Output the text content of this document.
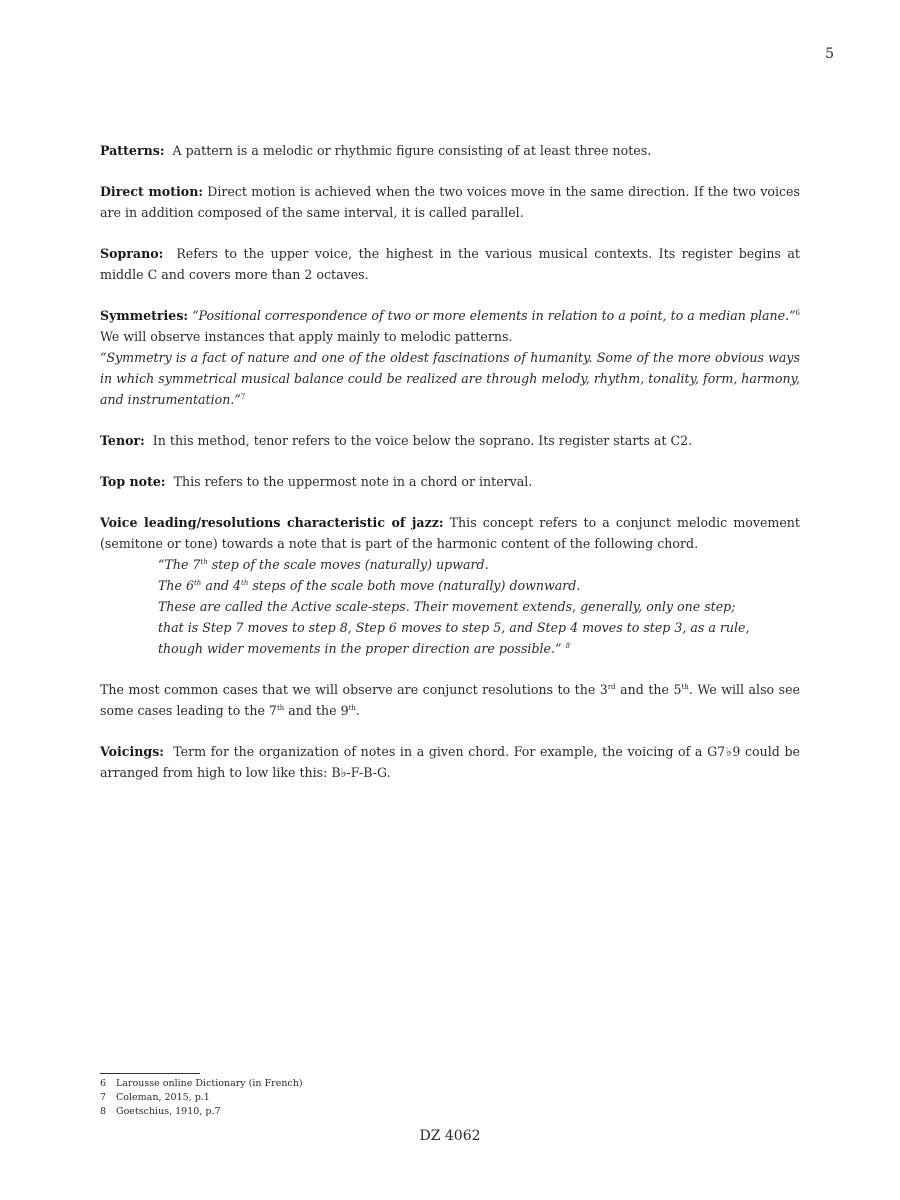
5

Patterns: A pattern is a melodic or rhythmic figure consisting of at least three notes.

Direct motion: Direct motion is achieved when the two voices move in the same direction. If the two voices are in addition composed of the same interval, it is called parallel.

Soprano: Refers to the upper voice, the highest in the various musical contexts. Its register begins at middle C and covers more than 2 octaves.

Symmetries: “Positional correspondence of two or more elements in relation to a point, to a median plane.”$^6$ We will observe instances that apply mainly to melodic patterns.
“Symmetry is a fact of nature and one of the oldest fascinations of humanity. Some of the more obvious ways in which symmetrical musical balance could be realized are through melody, rhythm, tonality, form, harmony, and instrumentation.”$^7$

Tenor: In this method, tenor refers to the voice below the soprano. Its register starts at C2.

Top note: This refers to the uppermost note in a chord or interval.

Voice leading/resolutions characteristic of jazz: This concept refers to a conjunct melodic movement (semitone or tone) towards a note that is part of the harmonic content of the following chord.
“The 7th step of the scale moves (naturally) upward.
The 6th and 4th steps of the scale both move (naturally) downward.
These are called the Active scale-steps. Their movement extends, generally, only one step;
that is Step 7 moves to step 8, Step 6 moves to step 5, and Step 4 moves to step 3, as a rule,
though wider movements in the proper direction are possible.” $^8$

The most common cases that we will observe are conjunct resolutions to the 3rd and the 5th. We will also see some cases leading to the 7th and the 9th.

Voicings: Term for the organization of notes in a given chord. For example, the voicing of a G7♭9 could be arranged from high to low like this: B♭-F-B-G.

6 Larousse online Dictionary (in French)
7 Coleman, 2015, p.1
8 Goetschius, 1910, p.7
DZ 4062
